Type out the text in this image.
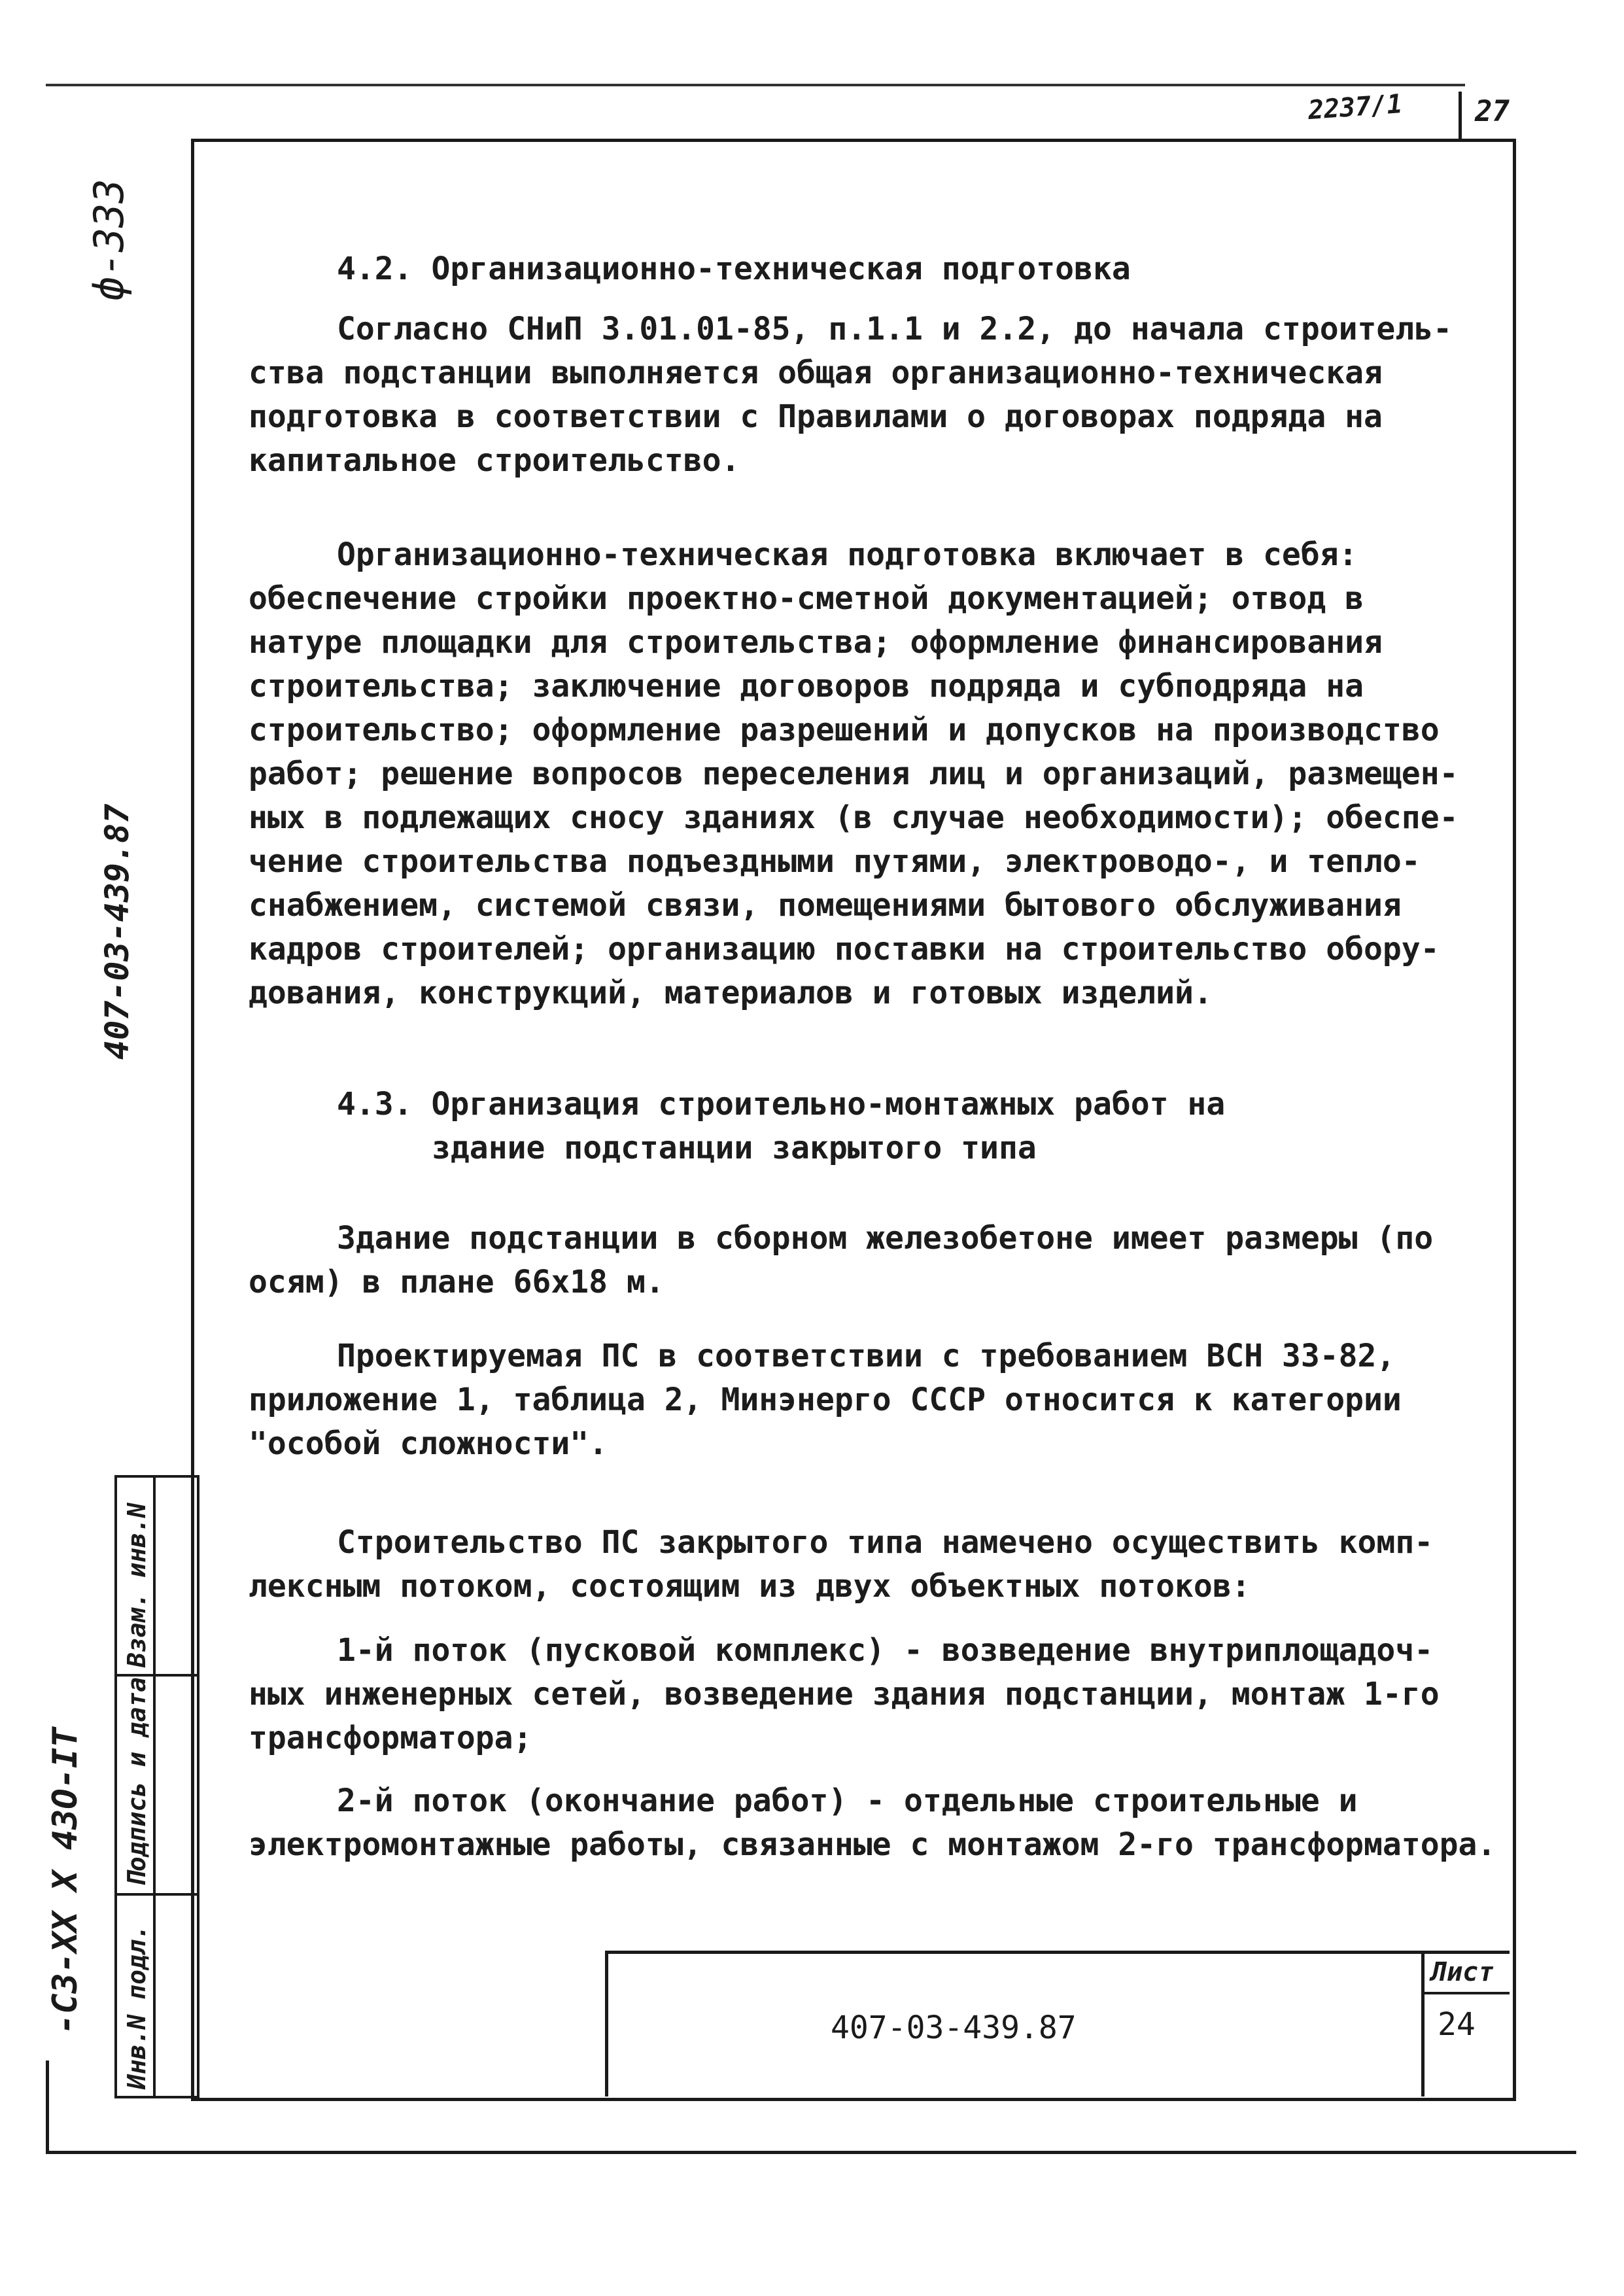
2237/1	27
ф-333
407-03-439.87
-CЗ-XX X 4ЗО-IT Инв.N подл.
Подпись и дата
Взам. инв.N
4.2. Организационно-техническая подготовка
Согласно СНиП 3.01.01-85, п.1.1 и 2.2, до начала строитель-
ства подстанции выполняется общая организационно-техническая
подготовка в соответствии с Правилами о договорах подряда на
капитальное строительство.
Организационно-техническая подготовка включает в себя:
обеспечение стройки проектно-сметной документацией; отвод в
натуре площадки для строительства; оформление финансирования
строительства; заключение договоров подряда и субподряда на
строительство; оформление разрешений и допусков на производство
работ; решение вопросов переселения лиц и организаций, размещен-
ных в подлежащих сносу зданиях (в случае необходимости); обеспе-
чение строительства подъездными путями, электроводо-, и тепло-
снабжением, системой связи, помещениями бытового обслуживания
кадров строителей; организацию поставки на строительство обору-
дования, конструкций, материалов и готовых изделий.
4.3. Организация строительно-монтажных работ на
здание подстанции закрытого типа
Здание подстанции в сборном железобетоне имеет размеры (по
осям) в плане 66х18 м.
Проектируемая ПС в соответствии с требованием ВСН 33-82,
приложение 1, таблица 2, Минэнерго СССР относится к категории
"особой сложности".
Строительство ПС закрытого типа намечено осуществить комп-
лексным потоком, состоящим из двух объектных потоков:
1-й поток (пусковой комплекс) - возведение внутриплощадоч-
ных инженерных сетей, возведение здания подстанции, монтаж 1-го
трансформатора;
2-й поток (окончание работ) - отдельные строительные и
электромонтажные работы, связанные с монтажом 2-го трансформатора.
407-03-439.87
Лист
24
